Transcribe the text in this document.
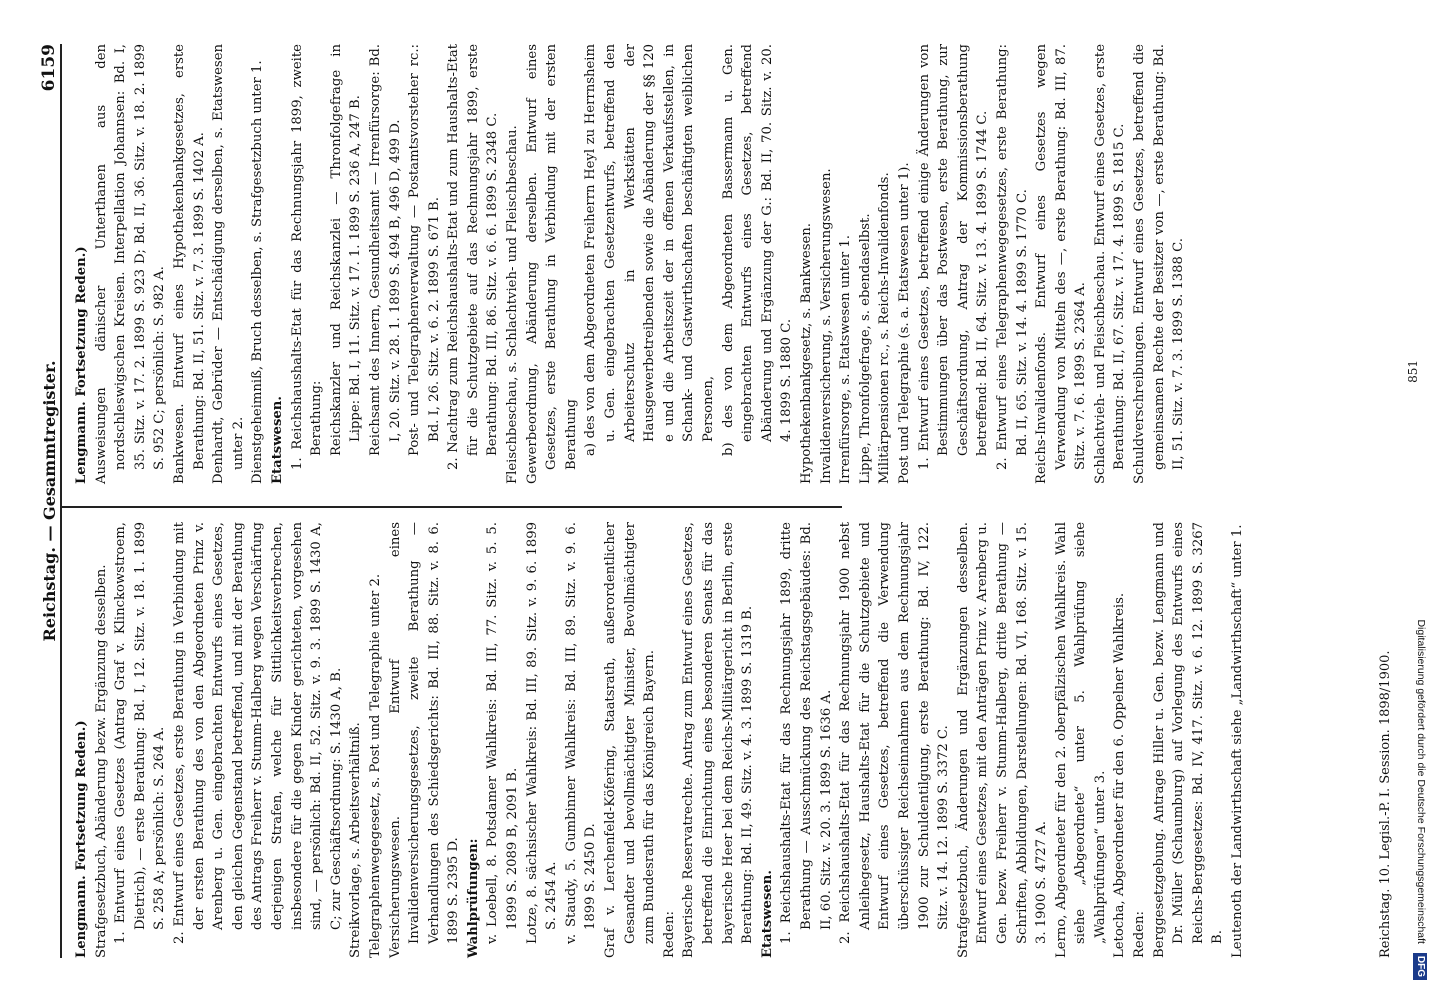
Reichstag. — Gesammtregister.
6159

Lengmann. Fortsetzung Reden.) Ausweisungen dänischer Unterthanen aus den nordschleswigschen Kreisen. Interpellation Johannsen: Bd. I, 35. Sitz. v. 17. 2. 1899 S. 923 D; Bd. II, 36. Sitz. v. 18. 2. 1899 S. 952 C; persönlich: S. 982 A. Bankwesen. Entwurf eines Hypothekenbankgesetzes, erste Berathung: Bd. II, 51. Sitz. v. 7. 3. 1899 S. 1402 A. Denhardt, Gebrüder — Entschädigung derselben, s. Etatswesen unter 2. Dienstgeheimniß, Bruch desselben, s. Strafgesetzbuch unter 1. Etatswesen. 1. Reichshaushalts-Etat für das Rechnungsjahr 1899, zweite Berathung: Reichskanzler und Reichskanzlei — Thronfolgefrage in Lippe: Bd. I, 11. Sitz. v. 17. 1. 1899 S. 236 A, 247 B. Reichsamt des Innern, Gesundheitsamt — Irrenfürsorge: Bd. I, 20. Sitz. v. 28. 1. 1899 S. 494 B, 496 D, 499 D. Post- und Telegraphenverwaltung — Postamtsvorsteher rc.: Bd. I, 26. Sitz. v. 6. 2. 1899 S. 671 B. 2. Nachtrag zum Reichshaushalts-Etat und zum Haushalts-Etat für die Schutzgebiete auf das Rechnungsjahr 1899, erste Berathung: Bd. III, 86. Sitz. v. 6. 6. 1899 S. 2348 C. Fleischbeschau, s. Schlachtvieh- und Fleischbeschau. Gewerbeordnung, Abänderung derselben. Entwurf eines Gesetzes, erste Berathung in Verbindung mit der ersten Berathung a) des von dem Abgeordneten Freiherrn Heyl zu Herrnsheim u. Gen. eingebrachten Gesetzentwurfs, betreffend den Arbeiterschutz in Werkstätten der Hausgewerbetreibenden sowie die Abänderung der §§ 120 e und die Arbeitszeit der in offenen Verkaufsstellen, in Schank- und Gastwirthschaften beschäftigten weiblichen Personen, b) des von dem Abgeordneten Bassermann u. Gen. eingebrachten Entwurfs eines Gesetzes, betreffend Abänderung und Ergänzung der G.: Bd. II, 70. Sitz. v. 20. 4. 1899 S. 1880 C. Hypothekenbankgesetz, s. Bankwesen. Invalidenversicherung, s. Versicherungswesen. Irrenfürsorge, s. Etatswesen unter 1. Lippe, Thronfolgefrage, s. ebendaselbst. Militärpensionen rc., s. Reichs-Invalidenfonds. Post und Telegraphie (s. a. Etatswesen unter 1). 1. Entwurf eines Gesetzes, betreffend einige Änderungen von Bestimmungen über das Postwesen, erste Berathung, zur Geschäftsordnung, Antrag der Kommissionsberathung betreffend: Bd. II, 64. Sitz. v. 13. 4. 1899 S. 1744 C. 2. Entwurf eines Telegraphenwegegesetzes, erste Berathung: Bd. II, 65. Sitz. v. 14. 4. 1899 S. 1770 C. Reichs-Invalidenfonds. Entwurf eines Gesetzes wegen Verwendung von Mitteln des —, erste Berathung: Bd. III, 87. Sitz. v. 7. 6. 1899 S. 2364 A. Schlachtvieh- und Fleischbeschau. Entwurf eines Gesetzes, erste Berathung: Bd. II, 67. Sitz. v. 17. 4. 1899 S. 1815 C. Schuldverschreibungen. Entwurf eines Gesetzes, betreffend die gemeinsamen Rechte der Besitzer von —, erste Berathung: Bd. II, 51. Sitz. v. 7. 3. 1899 S. 1388 C.

Lengmann. Fortsetzung Reden.) Strafgesetzbuch, Abänderung bezw. Ergänzung desselben. 1. Entwurf eines Gesetzes (Antrag Graf v. Klinckowstroem, Dietrich), — erste Berathung: Bd. I, 12. Sitz. v. 18. 1. 1899 S. 258 A; persönlich: S. 264 A. 2. Entwurf eines Gesetzes, erste Berathung in Verbindung mit der ersten Berathung des von den Abgeordneten Prinz v. Arenberg u. Gen. eingebrachten Entwurfs eines Gesetzes, den gleichen Gegenstand betreffend, und mit der Berathung des Antrags Freiherr v. Stumm-Halberg wegen Verschärfung derjenigen Strafen, welche für Sittlichkeitsverbrechen, insbesondere für die gegen Kinder gerichteten, vorgesehen sind, — persönlich: Bd. II, 52. Sitz. v. 9. 3. 1899 S. 1430 A, C; zur Geschäftsordnung: S. 1430 A, B. Streikvorlage, s. Arbeitsverhältniß. Telegraphenwegegesetz, s. Post und Telegraphie unter 2. Versicherungswesen. Entwurf eines Invalidenversicherungsgesetzes, zweite Berathung — Verhandlungen des Schiedsgerichts: Bd. III, 88. Sitz. v. 8. 6. 1899 S. 2395 D. Wahlprüfungen: v. Loebell, 8. Potsdamer Wahlkreis: Bd. III, 77. Sitz. v. 5. 5. 1899 S. 2089 B, 2091 B. Lotze, 8. sächsischer Wahlkreis: Bd. III, 89. Sitz. v. 9. 6. 1899 S. 2454 A. v. Staudy, 5. Gumbinner Wahlkreis: Bd. III, 89. Sitz. v. 9. 6. 1899 S. 2450 D. Graf v. Lerchenfeld-Köfering, Staatsrath, außerordentlicher Gesandter und bevollmächtigter Minister, Bevollmächtigter zum Bundesrath für das Königreich Bayern. Reden: Bayerische Reservatrechte. Antrag zum Entwurf eines Gesetzes, betreffend die Einrichtung eines besonderen Senats für das bayerische Heer bei dem Reichs-Militärgericht in Berlin, erste Berathung: Bd. II, 49. Sitz. v. 4. 3. 1899 S. 1319 B. Etatswesen. 1. Reichshaushalts-Etat für das Rechnungsjahr 1899, dritte Berathung — Ausschmückung des Reichstagsgebäudes: Bd. II, 60. Sitz. v. 20. 3. 1899 S. 1636 A. 2. Reichshaushalts-Etat für das Rechnungsjahr 1900 nebst Anleihegesetz, Haushalts-Etat für die Schutzgebiete und Entwurf eines Gesetzes, betreffend die Verwendung überschüssiger Reichseinnahmen aus dem Rechnungsjahr 1900 zur Schuldentilgung, erste Berathung: Bd. IV, 122. Sitz. v. 14. 12. 1899 S. 3372 C. Strafgesetzbuch, Änderungen und Ergänzungen desselben. Entwurf eines Gesetzes, mit den Anträgen Prinz v. Arenberg u. Gen. bezw. Freiherr v. Stumm-Halberg, dritte Berathung — Schriften, Abbildungen, Darstellungen: Bd. VI, 168. Sitz. v. 15. 3. 1900 S. 4727 A. Lerno, Abgeordneter für den 2. oberpfälzischen Wahlkreis. Wahl siehe „Abgeordnete“ unter 5. Wahlprüfung siehe „Wahlprüfungen“ unter 3. Letocha, Abgeordneter für den 6. Oppelner Wahlkreis. Reden: Berggesetzgebung. Antrage Hiller u. Gen. bezw. Lengmann und Dr. Müller (Schaumburg) auf Vorlegung des Entwurfs eines Reichs-Berggesetzes: Bd. IV, 417. Sitz. v. 6. 12. 1899 S. 3267 B. Leutenoth der Landwirthschaft siehe „Landwirthschaft“ unter 1.	Reichstag. 10. Legisl.-P. I. Session. 1898/1900.
851
Digitalisierung gefördert durch die Deutsche Forschungsgemeinschaft DFG
